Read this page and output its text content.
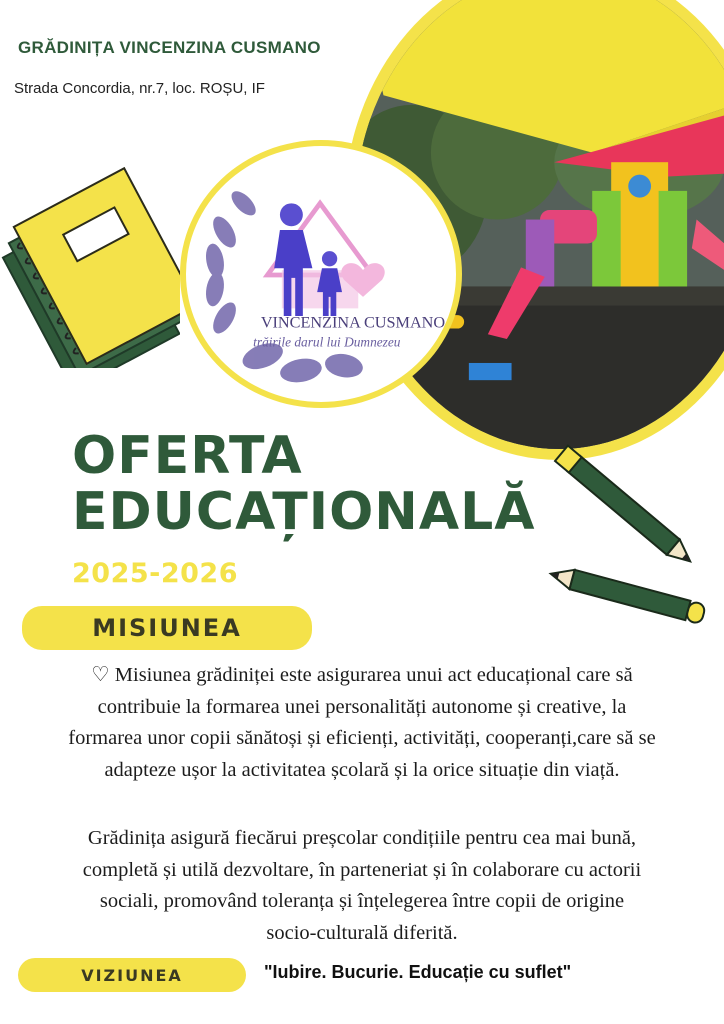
GRĂDINIȚA VINCENZINA CUSMANO
Strada Concordia, nr.7, loc. ROȘU, IF
VINCENZINA CUSMANO
trăirile darul lui Dumnezeu
OFERTA
EDUCAȚIONALĂ
2025-2026
MISIUNEA
♡ Misiunea grădiniței este asigurarea unui act educațional care să
contribuie la formarea unei personalități autonome și creative, la
formarea unor copii sănătoși și eficienți, activități, cooperanți,care să se
adapteze ușor la activitatea școlară și la orice situație din viață.
Grădinița asigură fiecărui preșcolar condițiile pentru cea mai bună,
completă și utilă dezvoltare, în parteneriat și în colaborare cu actorii
sociali, promovând toleranța și înțelegerea între copii de origine
socio-culturală diferită.
VIZIUNEA	"Iubire. Bucurie. Educație cu suflet"
